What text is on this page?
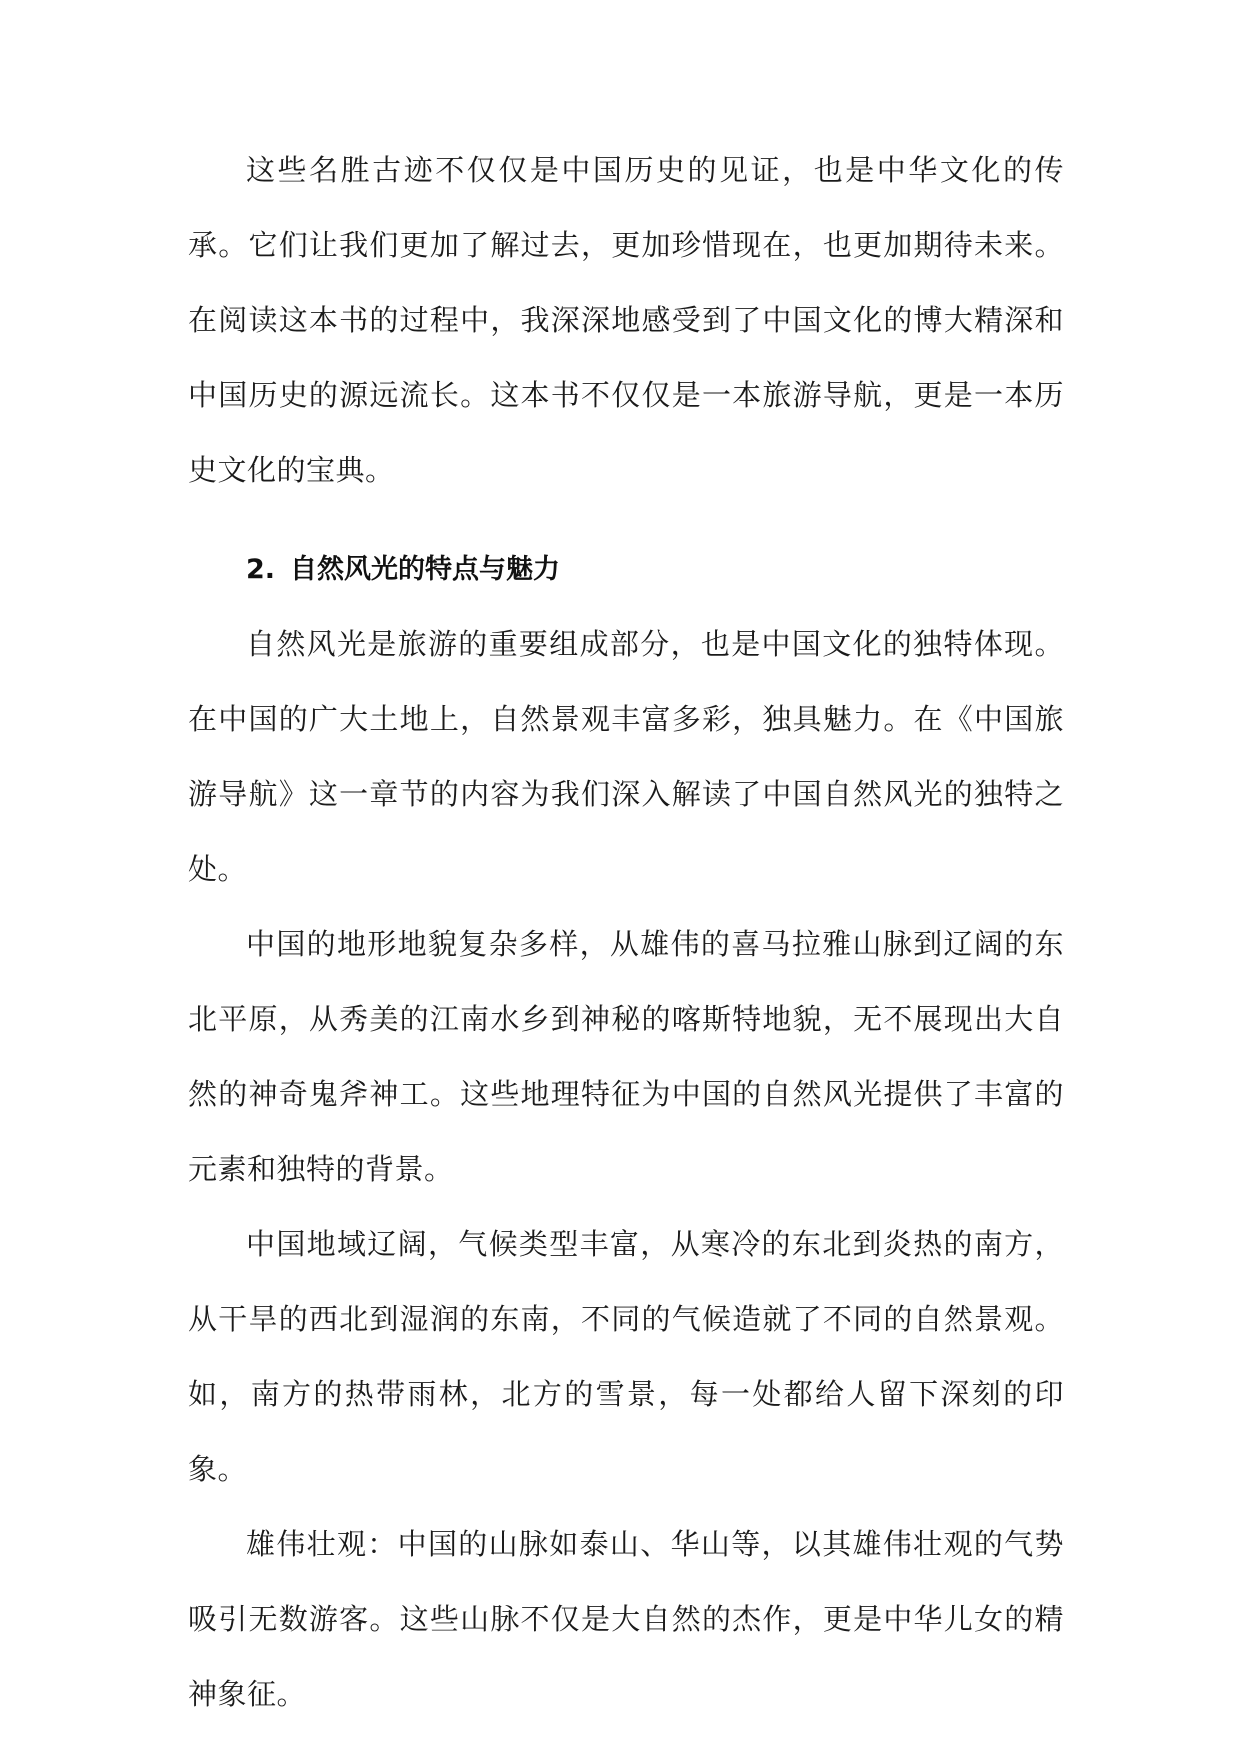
这些名胜古迹不仅仅是中国历史的见证，也是中华文化的传承。它们让我们更加了解过去，更加珍惜现在，也更加期待未来。在阅读这本书的过程中，我深深地感受到了中国文化的博大精深和中国历史的源远流长。这本书不仅仅是一本旅游导航，更是一本历史文化的宝典。

2. 自然风光的特点与魅力

自然风光是旅游的重要组成部分，也是中国文化的独特体现。在中国的广大土地上，自然景观丰富多彩，独具魅力。在《中国旅游导航》这一章节的内容为我们深入解读了中国自然风光的独特之处。

中国的地形地貌复杂多样，从雄伟的喜马拉雅山脉到辽阔的东北平原，从秀美的江南水乡到神秘的喀斯特地貌，无不展现出大自然的神奇鬼斧神工。这些地理特征为中国的自然风光提供了丰富的元素和独特的背景。

中国地域辽阔，气候类型丰富，从寒冷的东北到炎热的南方，从干旱的西北到湿润的东南，不同的气候造就了不同的自然景观。如，南方的热带雨林，北方的雪景，每一处都给人留下深刻的印象。

雄伟壮观：中国的山脉如泰山、华山等，以其雄伟壮观的气势吸引无数游客。这些山脉不仅是大自然的杰作，更是中华儿女的精神象征。
